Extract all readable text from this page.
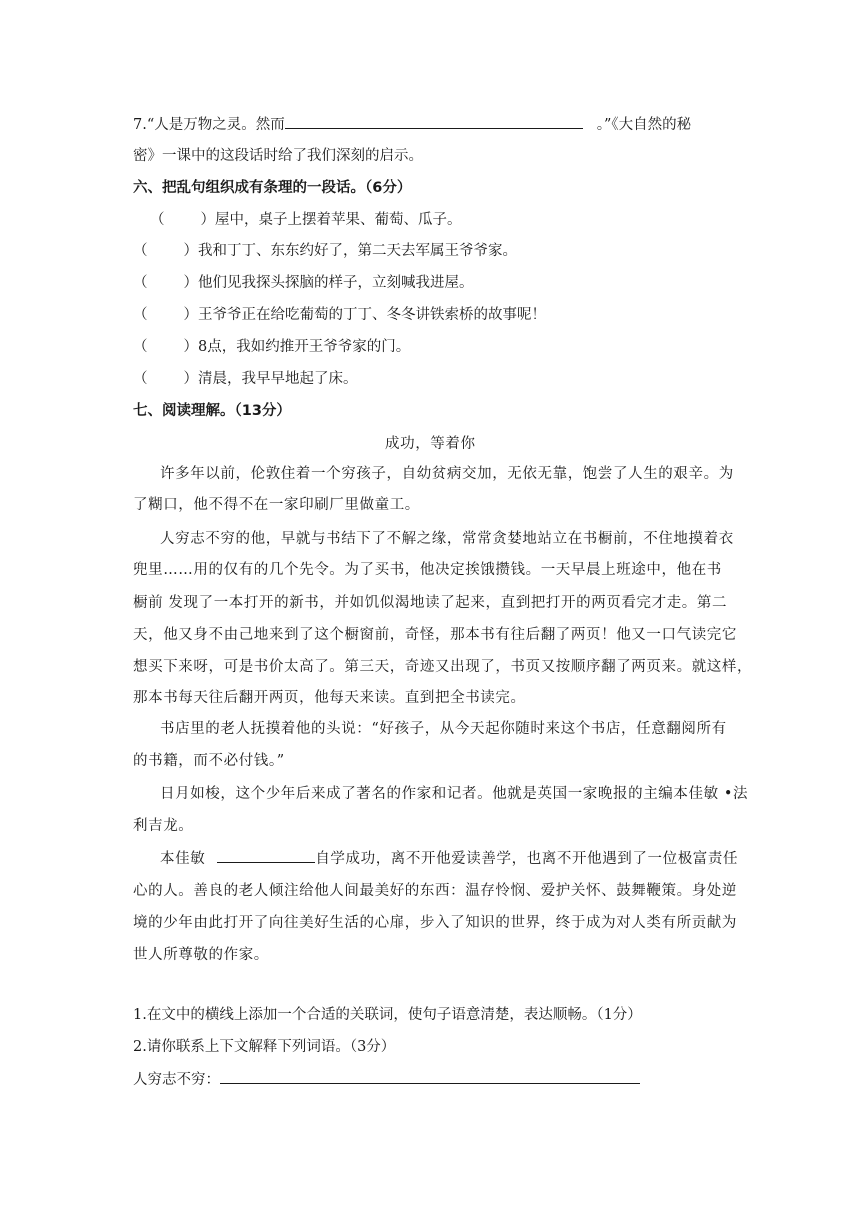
7.“人是万物之灵。然而	。”《大自然的秘
密》一课中的这段话时给了我们深刻的启示。
六、把乱句组织成有条理的一段话。（6分）
（ ）屋中，桌子上摆着苹果、葡萄、瓜子。
（ ）我和丁丁、东东约好了，第二天去军属王爷爷家。
（ ）他们见我探头探脑的样子，立刻喊我进屋。
（ ）王爷爷正在给吃葡萄的丁丁、冬冬讲铁索桥的故事呢！
（ ）8点，我如约推开王爷爷家的门。
（ ）清晨，我早早地起了床。
七、阅读理解。（13分）
成功，等着你
许多年以前，伦敦住着一个穷孩子，自幼贫病交加，无依无靠，饱尝了人生的艰辛。为
了糊口，他不得不在一家印刷厂里做童工。
人穷志不穷的他，早就与书结下了不解之缘，常常贪婪地站立在书橱前，不住地摸着衣
兜里……用的仅有的几个先令。为了买书，他决定挨饿攒钱。一天早晨上班途中，他在书
橱前 发现了一本打开的新书，并如饥似渴地读了起来，直到把打开的两页看完才走。第二
天，他又身不由己地来到了这个橱窗前，奇怪，那本书有往后翻了两页！他又一口气读完它
想买下来呀，可是书价太高了。第三天，奇迹又出现了，书页又按顺序翻了两页来。就这样，
那本书每天往后翻开两页，他每天来读。直到把全书读完。
书店里的老人抚摸着他的头说：“好孩子，从今天起你随时来这个书店，任意翻阅所有
的书籍，而不必付钱。”
日月如梭，这个少年后来成了著名的作家和记者。他就是英国一家晚报的主编本佳敏 •法
利吉龙。
本佳敏	自学成功，离不开他爱读善学，也离不开他遇到了一位极富责任
心的人。善良的老人倾注给他人间最美好的东西：温存怜悯、爱护关怀、鼓舞鞭策。身处逆
境的少年由此打开了向往美好生活的心扉，步入了知识的世界，终于成为对人类有所贡献为
世人所尊敬的作家。
1.在文中的横线上添加一个合适的关联词，使句子语意清楚，表达顺畅。（1分）
2.请你联系上下文解释下列词语。（3分）
人穷志不穷：
